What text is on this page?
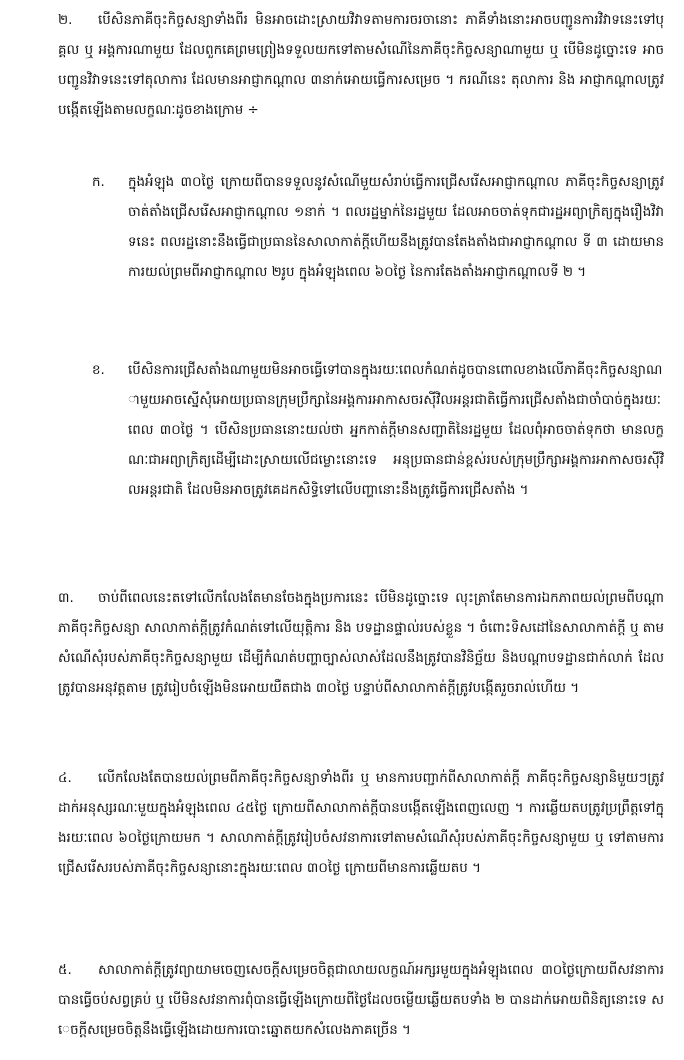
២. បើសិនភាគីចុះកិច្ចសន្យាទាំងពីរ មិនអាចដោះស្រាយវិវាទតាមការចរចានោះ ភាគីទាំងនោះអាចបញ្ជូនការវិវាទនេះទៅបុគ្គល ឬ អង្គការណាមួយ ដែលពួកគេព្រមព្រៀងទទួលយកទៅតាមសំណើនៃភាគីចុះកិច្ចសន្យាណាមួយ ឬ បើមិនដូច្នោះទេ អាចបញ្ជូនវិវាទនេះទៅតុលាការ ដែលមានអាជ្ញាកណ្តាល ៣នាក់អោយធ្វើការសម្រេច ។ ករណីនេះ តុលាការ និង អាជ្ញាកណ្តាលត្រូវបង្កើតឡើងតាមលក្ខណៈដូចខាងក្រោម ÷
ក.	ក្នុងអំឡុង ៣០ថ្ងៃ ក្រោយពីបានទទួលនូវសំណើមួយសំរាប់ធ្វើការជ្រើសរើសអាជ្ញាកណ្តាល ភាគីចុះកិច្ចសន្យាត្រូវចាត់តាំងជ្រើសរើសអាជ្ញាកណ្តាល ១នាក់ ។ ពលរដ្ឋម្នាក់នៃរដ្ឋមួយ ដែលអាចចាត់ទុកជារដ្ឋអព្យាក្រិត្យក្នុងរឿងវិវាទនេះ ពលរដ្ឋនោះនឹងធ្វើជាប្រធាននៃសាលាកាត់ក្តីហើយនឹងត្រូវបានតែងតាំងជាអាជ្ញាកណ្តាល ទី ៣ ដោយមានការយល់ព្រមពីអាជ្ញាកណ្តាល ២រូប ក្នុងអំឡុងពេល ៦០ថ្ងៃ នៃការតែងតាំងអាជ្ញាកណ្តាលទី ២ ។
ខ.	បើសិនការជ្រើសតាំងណាមួយមិនអាចធ្វើទៅបានក្នុងរយៈពេលកំណត់ដូចបានពោលខាងលើភាគីចុះកិច្ចសន្យាណាមួយអាចស្នើសុំអោយប្រធានក្រុមប្រឹក្សានៃអង្គការអាកាសចរស៊ីវិលអន្តរជាតិធ្វើការជ្រើសតាំងជាចាំបាច់ក្នុងរយៈពេល ៣០ថ្ងៃ ។ បើសិនប្រធាននោះយល់ថា អ្នកកាត់ក្តីមានសញ្ជាតិនៃរដ្ឋមួយ ដែលពុំអាចចាត់ទុកថា មានលក្ខណៈជាអព្យាក្រិត្យដើម្បីដោះស្រាយលើជម្លោះនោះទេ អនុប្រធានជាន់ខ្ពស់របស់ក្រុមប្រឹក្សាអង្គការអាកាសចរស៊ីវិលអន្តរជាតិ ដែលមិនអាចត្រូវគេដកសិទ្ធិទៅលើបញ្ហានោះនឹងត្រូវធ្វើការជ្រើសតាំង ។
៣. ចាប់ពីពេលនេះតទៅលើកលែងតែមានចែងក្នុងប្រការនេះ បើមិនដូច្នោះទេ លុះត្រាតែមានការឯកភាពយល់ព្រមពីបណ្តាភាគីចុះកិច្ចសន្យា សាលាកាត់ក្តីត្រូវកំណត់ទៅលើយុត្តិការ និង បទដ្ឋានផ្ទាល់របស់ខ្លួន ។ ចំពោះទិសដៅនៃសាលាកាត់ក្តី ឬ តាមសំណើសុំរបស់ភាគីចុះកិច្ចសន្យាមួយ ដើម្បីកំណត់បញ្ហាច្បាស់លាស់ដែលនឹងត្រូវបានវិនិច្ឆ័យ និងបណ្តាបទដ្ឋានជាក់លាក់ ដែលត្រូវបានអនុវត្តតាម ត្រូវរៀបចំឡើងមិនអោយយឺតជាង ៣០ថ្ងៃ បន្ទាប់ពីសាលាកាត់ក្តីត្រូវបង្កើតរួចរាល់ហើយ ។
៤. លើកលែងតែបានយល់ព្រមពីភាគីចុះកិច្ចសន្យាទាំងពីរ ឬ មានការបញ្ជាក់ពីសាលាកាត់ក្តី ភាគីចុះកិច្ចសន្យានិមួយៗត្រូវដាក់អនុស្សរណៈមួយក្នុងអំឡុងពេល ៤៥ថ្ងៃ ក្រោយពីសាលាកាត់ក្តីបានបង្កើតឡើងពេញលេញ ។ ការឆ្លើយតបត្រូវប្រព្រឹត្តទៅក្នុងរយៈពេល ៦០ថ្ងៃក្រោយមក ។ សាលាកាត់ក្តីត្រូវរៀបចំសវនាការទៅតាមសំណើសុំរបស់ភាគីចុះកិច្ចសន្យាមួយ ឬ ទៅតាមការជ្រើសរើសរបស់ភាគីចុះកិច្ចសន្យានោះក្នុងរយៈពេល ៣០ថ្ងៃ ក្រោយពីមានការឆ្លើយតប ។
៥. សាលាកាត់ក្តីត្រូវព្យាយាមចេញសេចក្តីសម្រេចចិត្តជាលាយលក្ខណ៍អក្សរមួយក្នុងអំឡុងពេល ៣០ថ្ងៃក្រោយពីសវនាការបានធ្វើចប់សព្វគ្រប់ ឬ បើមិនសវនាការពុំបានធ្វើឡើងក្រោយពីថ្ងៃដែលចម្លើយឆ្លើយតបទាំង ២ បានដាក់អោយពិនិត្យនោះទេ សេចក្តីសម្រេចចិត្តនឹងធ្វើឡើងដោយការបោះឆ្នោតយកសំលេងភាគច្រើន ។
